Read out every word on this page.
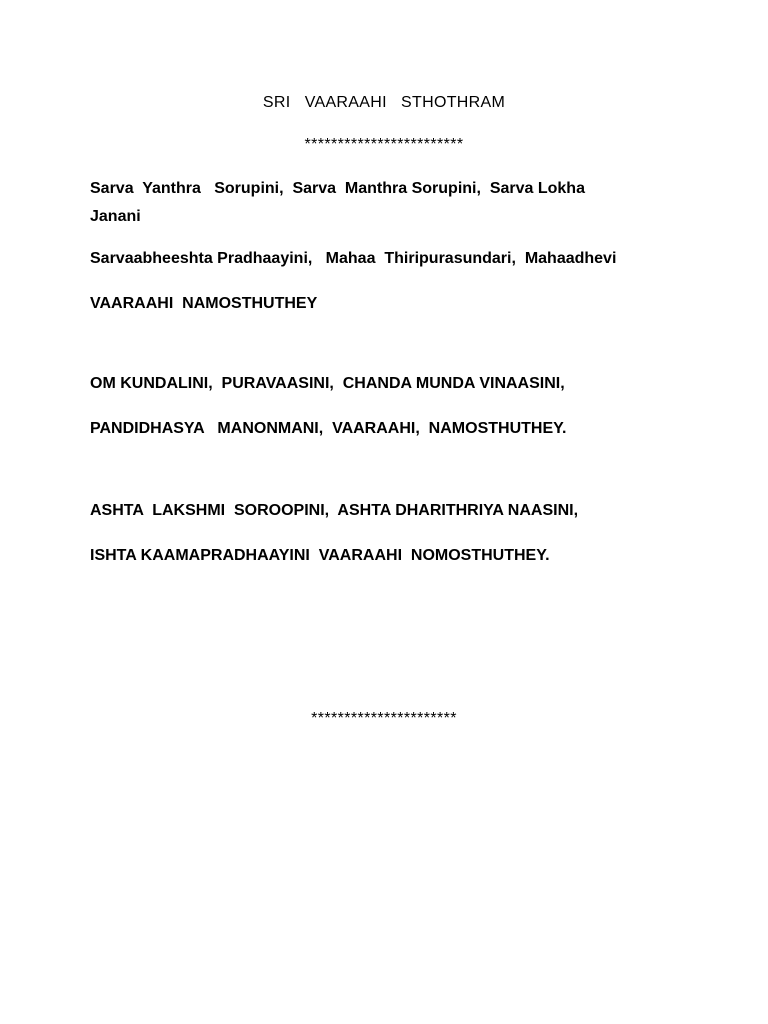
SRI   VAARAAHI   STHOTHRAM
************************
Sarva  Yanthra   Sorupini,  Sarva  Manthra Sorupini,  Sarva Lokha
Janani
Sarvaabheeshta Pradhaayini,   Mahaa  Thiripurasundari,  Mahaadhevi
VAARAAHI  NAMOSTHUTHEY
OM KUNDALINI,  PURAVAASINI,  CHANDA MUNDA VINAASINI,
PANDIDHASYA   MANONMANI,  VAARAAHI,  NAMOSTHUTHEY.
ASHTA  LAKSHMI  SOROOPINI,  ASHTA DHARITHRIYA NAASINI,
ISHTA KAAMAPRADHAAYINI  VAARAAHI  NOMOSTHUTHEY.
**********************
